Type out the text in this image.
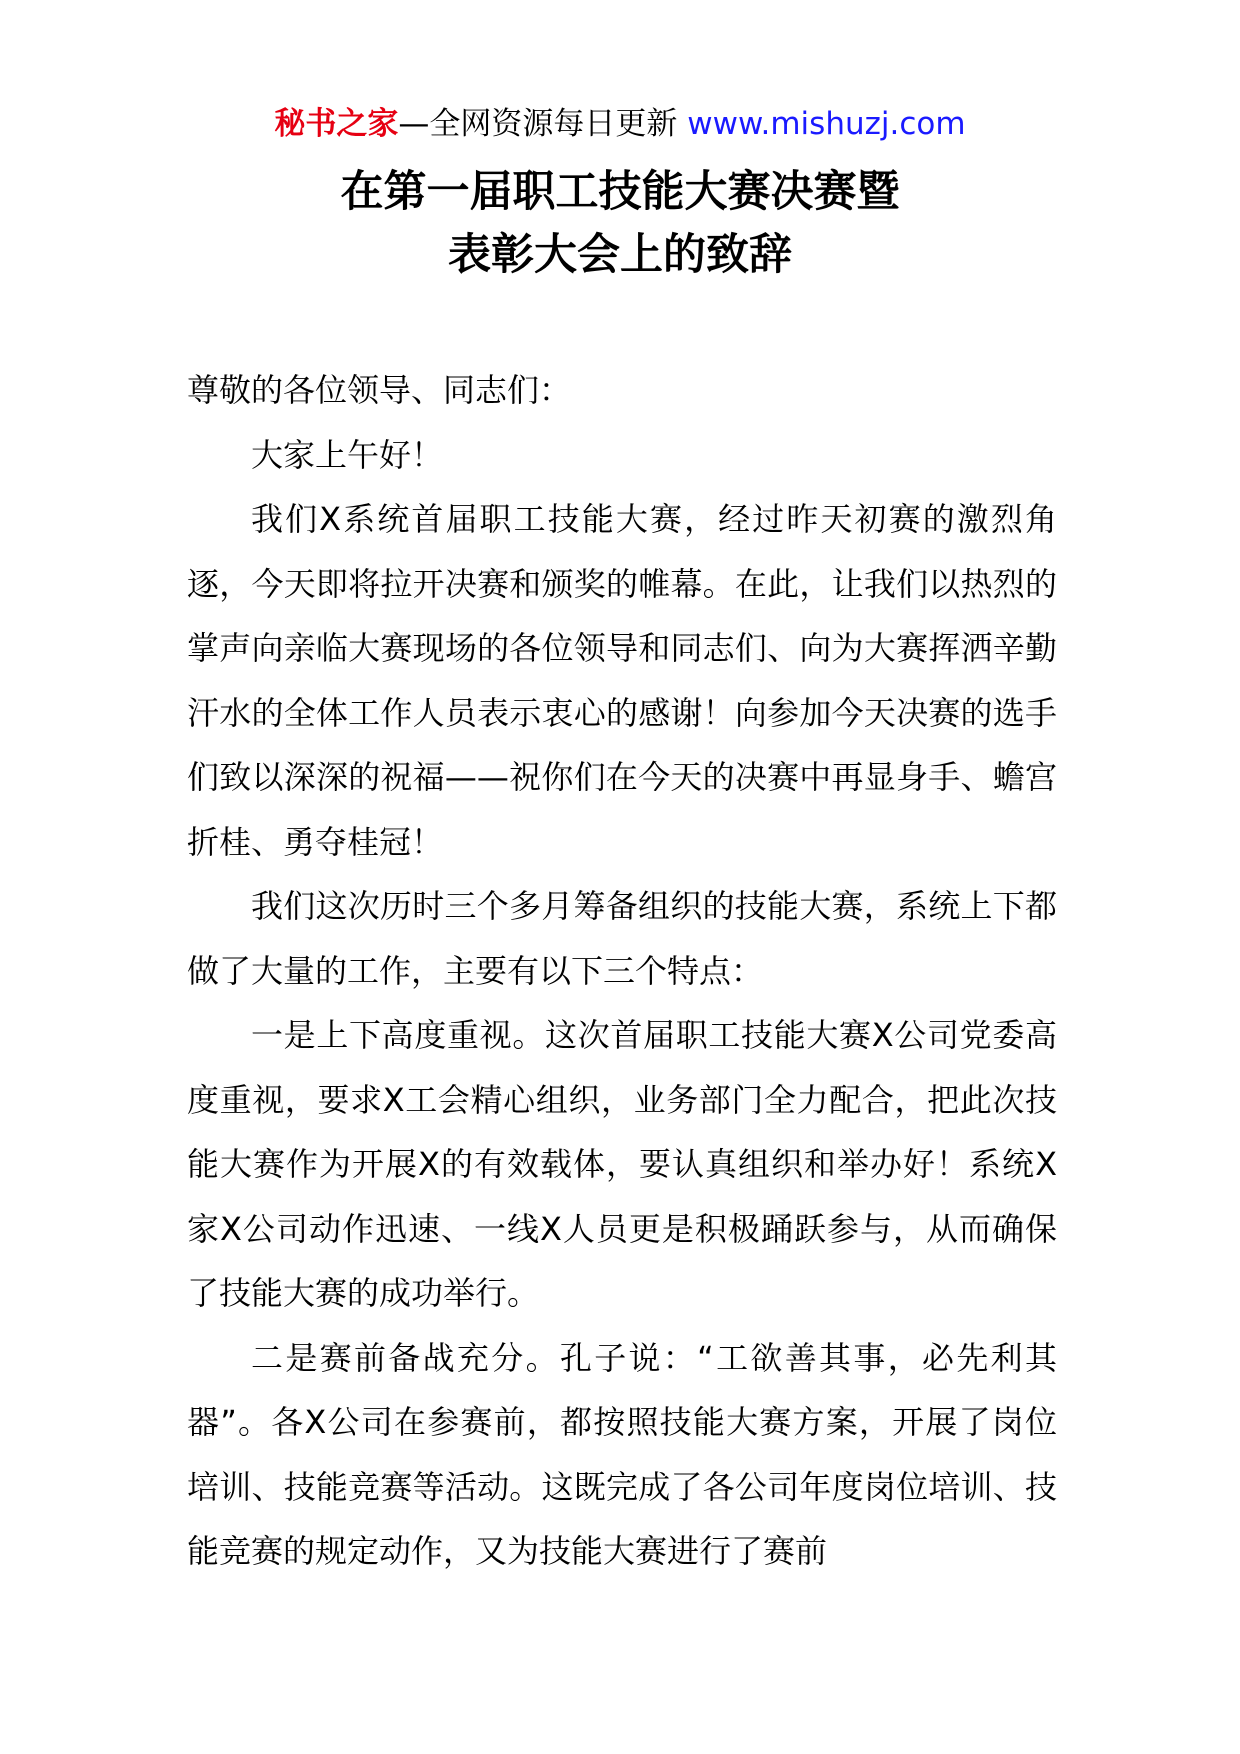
秘书之家—全网资源每日更新 www.mishuzj.com
在第一届职工技能大赛决赛暨
表彰大会上的致辞

尊敬的各位领导、同志们：

大家上午好！

我们X系统首届职工技能大赛，经过昨天初赛的激烈角逐，今天即将拉开决赛和颁奖的帷幕。在此，让我们以热烈的掌声向亲临大赛现场的各位领导和同志们、向为大赛挥洒辛勤汗水的全体工作人员表示衷心的感谢！向参加今天决赛的选手们致以深深的祝福——祝你们在今天的决赛中再显身手、蟾宫折桂、勇夺桂冠！

我们这次历时三个多月筹备组织的技能大赛，系统上下都做了大量的工作，主要有以下三个特点：

一是上下高度重视。这次首届职工技能大赛X公司党委高度重视，要求X工会精心组织，业务部门全力配合，把此次技能大赛作为开展X的有效载体，要认真组织和举办好！系统X家X公司动作迅速、一线X人员更是积极踊跃参与，从而确保了技能大赛的成功举行。

二是赛前备战充分。孔子说：“工欲善其事，必先利其器”。各X公司在参赛前，都按照技能大赛方案，开展了岗位培训、技能竞赛等活动。这既完成了各公司年度岗位培训、技能竞赛的规定动作，又为技能大赛进行了赛前
